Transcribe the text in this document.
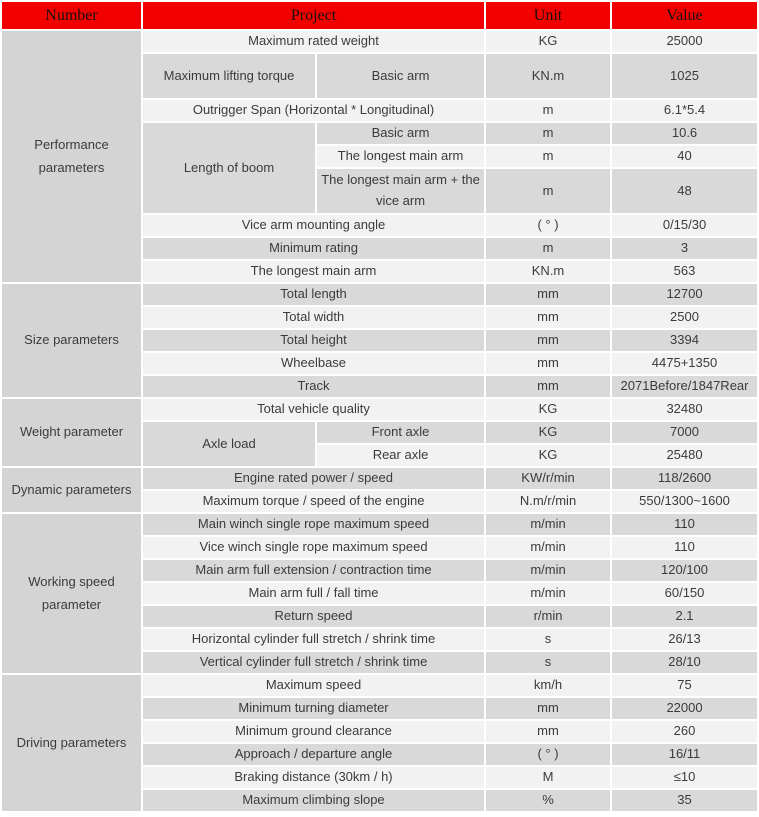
Number	Project		Unit	Value
Performance parameters	Maximum rated weight		KG	25000
	Maximum lifting torque	Basic arm	KN.m	1025
	Outrigger Span (Horizontal * Longitudinal)		m	6.1*5.4
	Length of boom	Basic arm	m	10.6
		The longest main arm	m	40
		The longest main arm + the vice arm	m	48
	Vice arm mounting angle		( ° )	0/15/30
	Minimum rating		m	3
	The longest main arm		KN.m	563
Size parameters	Total length		mm	12700
	Total width		mm	2500
	Total height		mm	3394
	Wheelbase		mm	4475+1350
	Track		mm	2071Before/1847Rear
Weight parameter	Total vehicle quality		KG	32480
	Axle load	Front axle	KG	7000
		Rear axle	KG	25480
Dynamic parameters	Engine rated power / speed		KW/r/min	118/2600
	Maximum torque / speed of the engine		N.m/r/min	550/1300~1600
Working speed parameter	Main winch single rope maximum speed		m/min	110
	Vice winch single rope maximum speed		m/min	110
	Main arm full extension / contraction time		m/min	120/100
	Main arm full / fall time		m/min	60/150
	Return speed		r/min	2.1
	Horizontal cylinder full stretch / shrink time		s	26/13
	Vertical cylinder full stretch / shrink time		s	28/10
Driving parameters	Maximum speed		km/h	75
	Minimum turning diameter		mm	22000
	Minimum ground clearance		mm	260
	Approach / departure angle		( ° )	16/11
	Braking distance (30km / h)		M	≤10
	Maximum climbing slope		%	35
